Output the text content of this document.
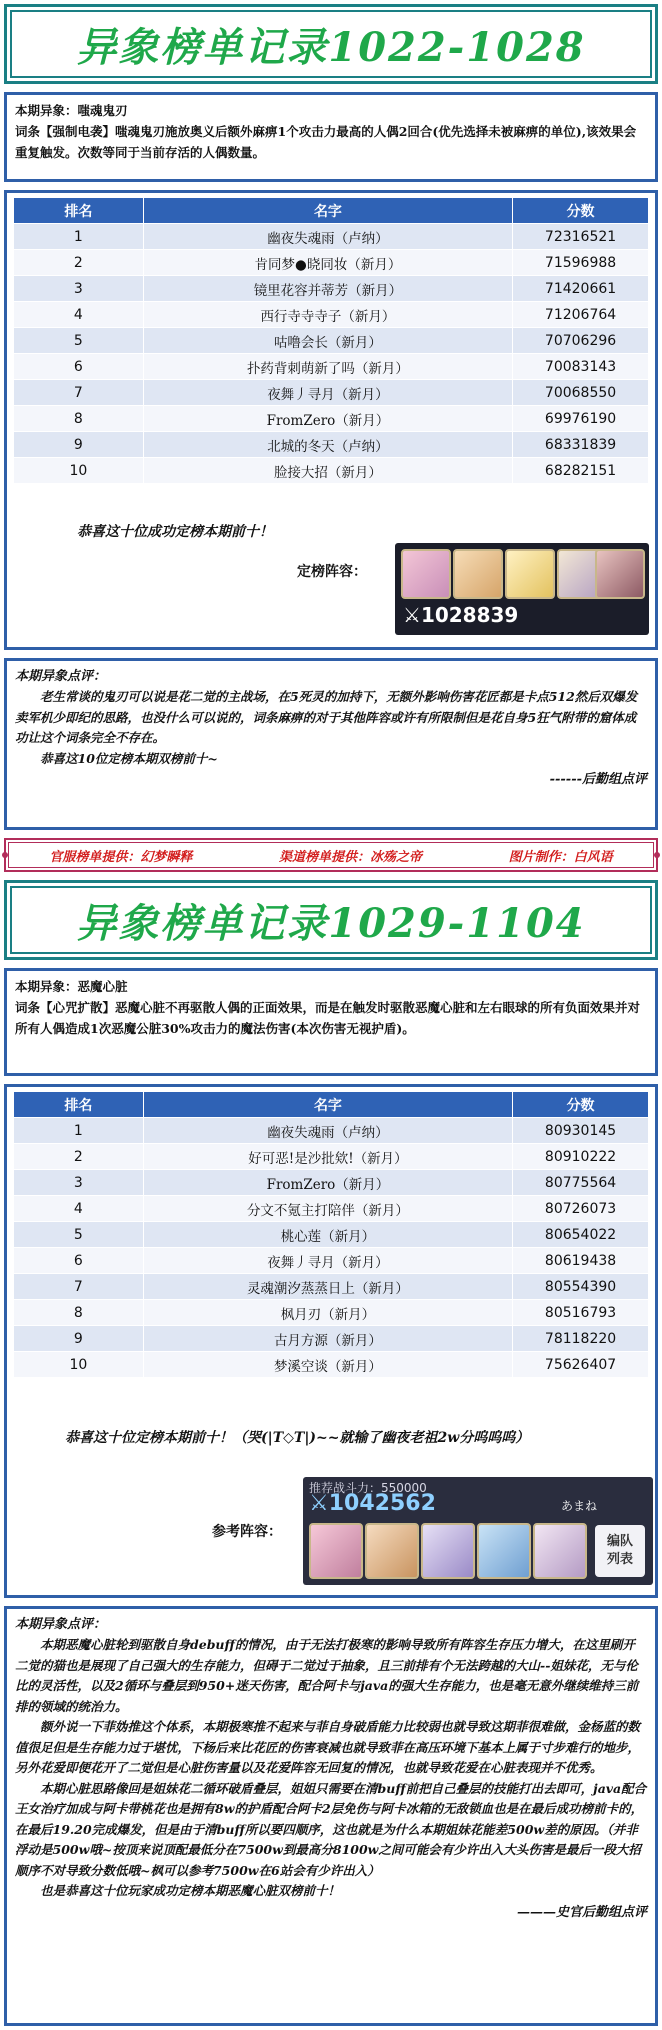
异象榜单记录1022-1028
本期异象：嗤魂鬼刃
词条【强制电袭】嗤魂鬼刃施放奥义后额外麻痹1个攻击力最高的人偶2回合(优先选择未被麻痹的单位),该效果会重复触发。次数等同于当前存活的人偶数量。
排名	名字	分数
1	幽夜失魂雨（卢纳）	72316521
2	肯同梦●晓同妆（新月）	71596988
3	镜里花容并蒂芳（新月）	71420661
4	西行寺寺寺子（新月）	71206764
5	咕噜会长（新月）	70706296
6	扑药背刺萌新了吗（新月）	70083143
7	夜舞丿寻月（新月）	70068550
8	FromZero（新月）	69976190
9	北城的冬天（卢纳）	68331839
10	脸接大招（新月）	68282151
恭喜这十位成功定榜本期前十！
定榜阵容：
⚔1028839
本期异象点评：
老生常谈的鬼刃可以说是花二觉的主战场，在5死灵的加持下，无额外影响伤害花匠都是卡点512然后双爆发卖军机少即纪的思路，也没什么可以说的，词条麻痹的对于其他阵容或许有所限制但是花自身5狂气附带的窟体成功让这个词条完全不存在。
恭喜这10位定榜本期双榜前十~
------后勤组点评
官服榜单提供：幻梦瞬释	渠道榜单提供：冰殇之帝	图片制作：白风语
异象榜单记录1029-1104
本期异象：恶魔心脏
词条【心咒扩散】恶魔心脏不再驱散人偶的正面效果，而是在触发时驱散恶魔心脏和左右眼球的所有负面效果并对所有人偶造成1次恶魔公脏30%攻击力的魔法伤害(本次伤害无视护盾)。
排名	名字	分数
1	幽夜失魂雨（卢纳）	80930145
2	好可恶!是沙批欸!（新月）	80910222
3	FromZero（新月）	80775564
4	分文不氪主打陪伴（新月）	80726073
5	桃心莲（新月）	80654022
6	夜舞丿寻月（新月）	80619438
7	灵魂潮汐蒸蒸日上（新月）	80554390
8	枫月刃（新月）	80516793
9	古月方源（新月）	78118220
10	梦溪空谈（新月）	75626407
恭喜这十位定榜本期前十！（哭(|T◇T|)~~就输了幽夜老祖2w分呜呜呜）
参考阵容：
推荐战斗力：550000
⚔1042562	あまね
编队
列表
本期异象点评：
本期恶魔心脏轮到驱散自身debuff的情况，由于无法打极寒的影响导致所有阵容生存压力增大，在这里刷开二觉的猫也是展现了自己强大的生存能力，但碍于二觉过于抽象，且三前排有个无法跨越的大山--姐妹花，无与伦比的灵活性，以及2循环与叠层到950+迷天伤害，配合阿卡与java的强大生存能力，也是毫无意外继续维持三前排的领域的统治力。
额外说一下菲妫推这个体系，本期极寒推不起来与菲自身破盾能力比较弱也就导致这期菲很难做，金杨蓝的数值很足但是生存能力过于堪忧，下杨后来比花匠的伤害衰减也就导致菲在高压环境下基本上属于寸步难行的地步，另外花爱即便花开了二觉但是心脏伤害量以及花爱阵容无回复的情况，也就导致花爱在心脏表现并不优秀。
本期心脏思路像回是姐妹花二循环破盾叠层，姐姐只需要在清buff前把自己叠层的技能打出去即可，java配合王女治疗加成与阿卡带桃花也是拥有8w的护盾配合阿卡2层免伤与阿卡冰箱的无敌锁血也是在最后成功榜前卡的，在最后19.20完成爆发，但是由于清buff所以要四顺序，这也就是为什么本期姐妹花能差500w差的原因。（并非浮动是500w哦~按顶来说顶配最低分在7500w到最高分8100w之间可能会有少许出入大头伤害是最后一段大招顺序不对导致分数低哦~枫可以参考7500w在6站会有少许出入）
也是恭喜这十位玩家成功定榜本期恶魔心脏双榜前十！
———史官后勤组点评
